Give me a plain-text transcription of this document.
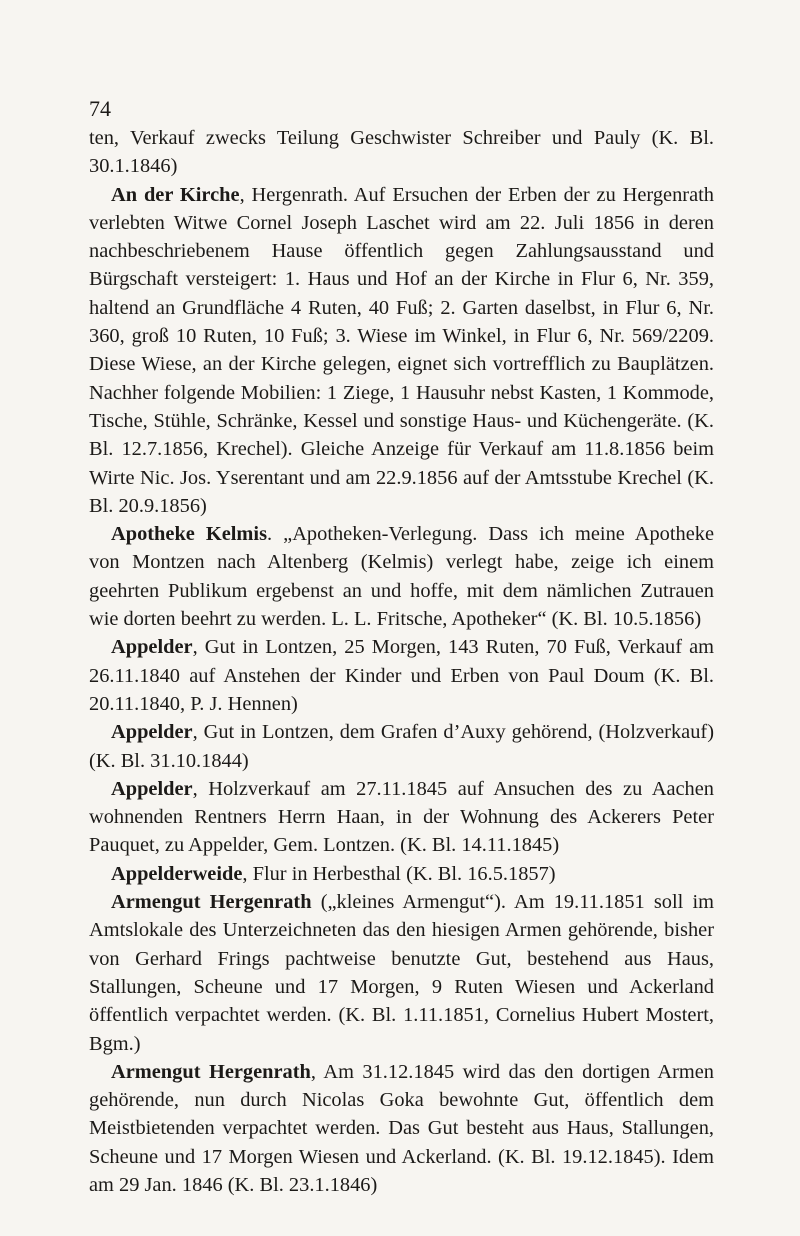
74

ten, Verkauf zwecks Teilung Geschwister Schreiber und Pauly (K. Bl. 30.1.1846)

An der Kirche, Hergenrath. Auf Ersuchen der Erben der zu Hergenrath verlebten Witwe Cornel Joseph Laschet wird am 22. Juli 1856 in deren nachbeschriebenem Hause öffentlich gegen Zahlungsausstand und Bürgschaft versteigert: 1. Haus und Hof an der Kirche in Flur 6, Nr. 359, haltend an Grundfläche 4 Ruten, 40 Fuß; 2. Garten daselbst, in Flur 6, Nr. 360, groß 10 Ruten, 10 Fuß; 3. Wiese im Winkel, in Flur 6, Nr. 569/2209. Diese Wiese, an der Kirche gelegen, eignet sich vortrefflich zu Bauplätzen. Nachher folgende Mobilien: 1 Ziege, 1 Hausuhr nebst Kasten, 1 Kommode, Tische, Stühle, Schränke, Kessel und sonstige Haus- und Küchengeräte. (K. Bl. 12.7.1856, Krechel). Gleiche Anzeige für Verkauf am 11.8.1856 beim Wirte Nic. Jos. Yserentant und am 22.9.1856 auf der Amtsstube Krechel (K. Bl. 20.9.1856)

Apotheke Kelmis. „Apotheken-Verlegung. Dass ich meine Apotheke von Montzen nach Altenberg (Kelmis) verlegt habe, zeige ich einem geehrten Publikum ergebenst an und hoffe, mit dem nämlichen Zutrauen wie dorten beehrt zu werden. L. L. Fritsche, Apotheker“ (K. Bl. 10.5.1856)

Appelder, Gut in Lontzen, 25 Morgen, 143 Ruten, 70 Fuß, Verkauf am 26.11.1840 auf Anstehen der Kinder und Erben von Paul Doum (K. Bl. 20.11.1840, P. J. Hennen)

Appelder, Gut in Lontzen, dem Grafen d’Auxy gehörend, (Holzverkauf) (K. Bl. 31.10.1844)

Appelder, Holzverkauf am 27.11.1845 auf Ansuchen des zu Aachen wohnenden Rentners Herrn Haan, in der Wohnung des Ackerers Peter Pauquet, zu Appelder, Gem. Lontzen. (K. Bl. 14.11.1845)

Appelderweide, Flur in Herbesthal (K. Bl. 16.5.1857)

Armengut Hergenrath („kleines Armengut“). Am 19.11.1851 soll im Amtslokale des Unterzeichneten das den hiesigen Armen gehörende, bisher von Gerhard Frings pachtweise benutzte Gut, bestehend aus Haus, Stallungen, Scheune und 17 Morgen, 9 Ruten Wiesen und Ackerland öffentlich verpachtet werden. (K. Bl. 1.11.1851, Cornelius Hubert Mostert, Bgm.)

Armengut Hergenrath, Am 31.12.1845 wird das den dortigen Armen gehörende, nun durch Nicolas Goka bewohnte Gut, öffentlich dem Meistbietenden verpachtet werden. Das Gut besteht aus Haus, Stallungen, Scheune und 17 Morgen Wiesen und Ackerland. (K. Bl. 19.12.1845). Idem am 29 Jan. 1846 (K. Bl. 23.1.1846)
